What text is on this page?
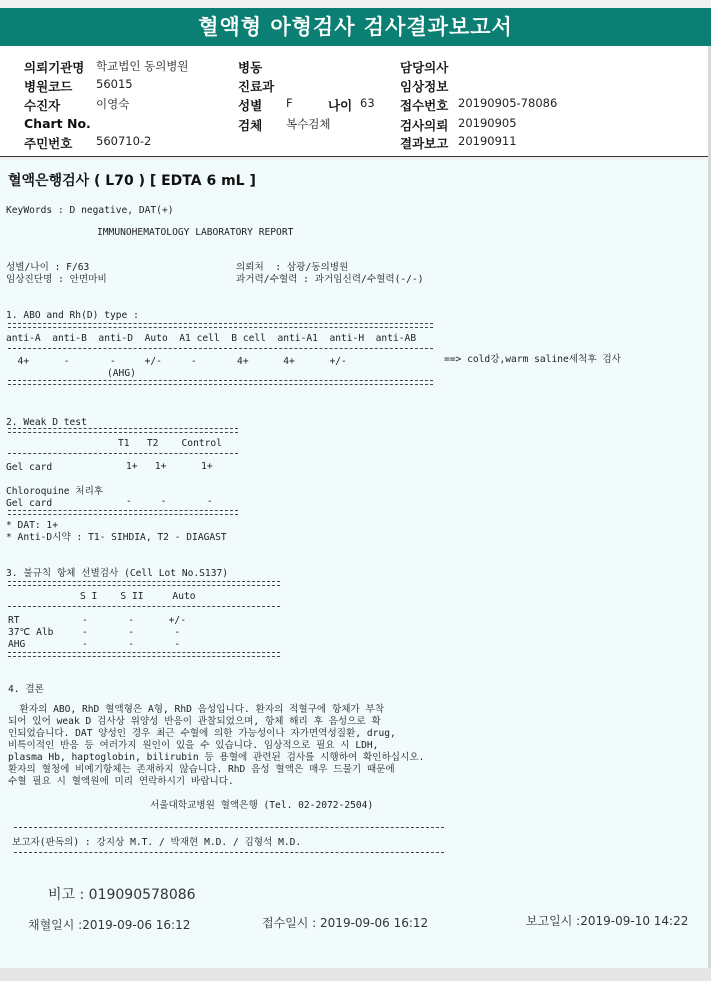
혈액형 아형검사 검사결과보고서
의뢰기관명 학교법인 동의병원
병원코드 56015
수진자	이영숙
Chart No.
주민번호 560710-2
병동
진료과
성별 F	나이 63
검체 복수검체
담당의사
임상정보
접수번호 20190905-78086
검사의뢰 20190905
결과보고 20190911
혈액은행검사 ( L70 ) [ EDTA 6 mL ]
KeyWords : D negative, DAT(+)
IMMUNOHEMATOLOGY LABORATORY REPORT
성별/나이 : F/63
임상진단명 : 안면마비
의뢰처  : 삼광/동의병원
과거력/수혈력 : 과거임신력/수혈력(-/-)
1. ABO and Rh(D) type :
anti-A  anti-B  anti-D  Auto  A1 cell  B cell  anti-A1  anti-H  anti-AB
4+      -       -     +/-     -       4+      4+      +/-
(AHG)
==> cold강,warm saline세척후 검사
2. Weak D test
T1   T2    Control
Gel card	1+   1+      1+
Chloroquine 처리후
Gel card	-     -       -
* DAT: 1+
* Anti-D시약 : T1- SIHDIA, T2 - DIAGAST
3. 불규칙 항체 선별검사 (Cell Lot No.S137)
S I    S II     Auto
RT	-       -      +/-
37℃ Alb	-       -       -
AHG	-       -       -
4. 결론
환자의 ABO, RhD 혈액형은 A형, RhD 음성입니다. 환자의 적혈구에 항체가 부착
되어 있어 weak D 검사상 위양성 반응이 관찰되었으며, 항체 해리 후 음성으로 확
인되었습니다. DAT 양성인 경우 최근 수혈에 의한 가능성이나 자가면역성질환, drug,
비특이적인 반응 등 여러가지 원인이 있을 수 있습니다. 임상적으로 필요 시 LDH,
plasma Hb, haptoglobin, bilirubin 등 용혈에 관련된 검사를 시행하여 확인하십시오.
환자의 혈청에 비예기항체는 존재하지 않습니다. RhD 음성 혈액은 매우 드물기 때문에
수혈 필요 시 혈액원에 미리 연락하시기 바랍니다.
서울대학교병원 혈액은행 (Tel. 02-2072-2504)
보고자(판독의) : 강지상 M.T. / 박재현 M.D. / 김형석 M.D.
비고 : 019090578086
채혈일시 :2019-09-06 16:12	접수일시 : 2019-09-06 16:12	보고일시 :2019-09-10 14:22
